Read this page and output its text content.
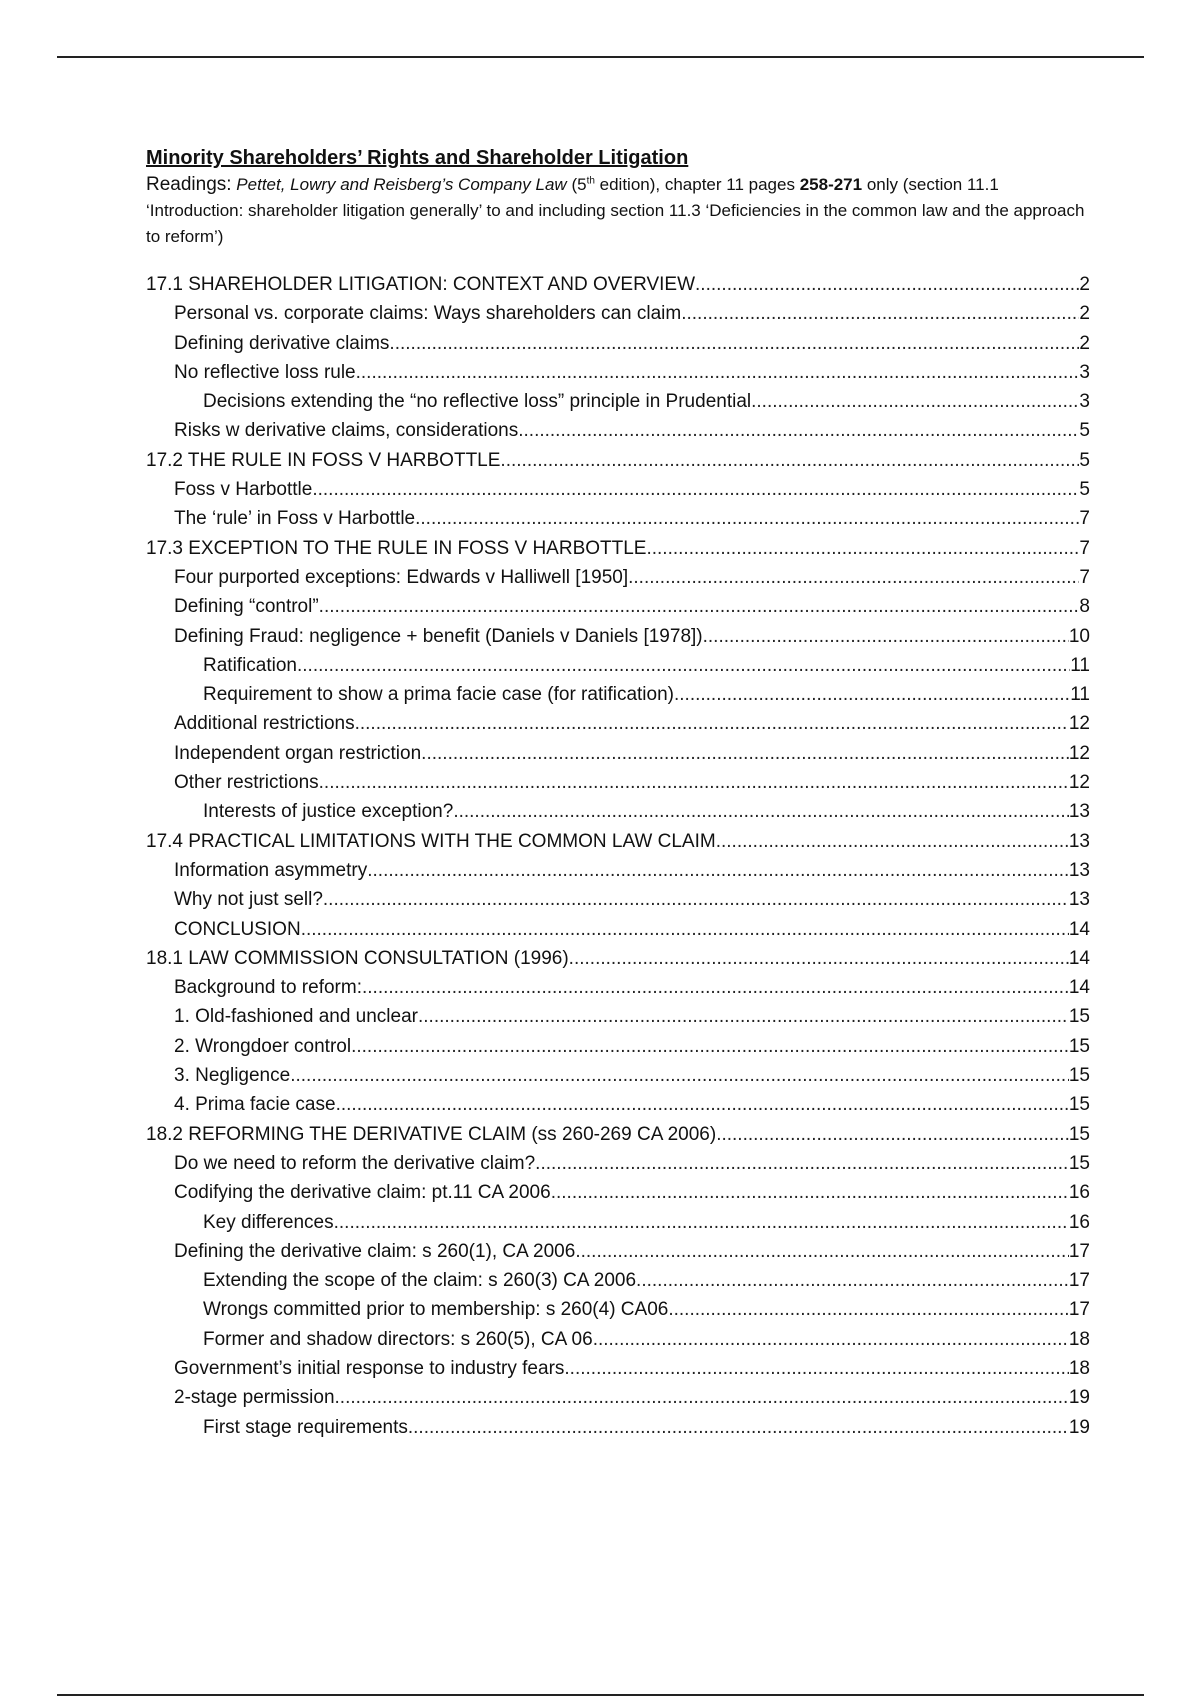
Minority Shareholders’ Rights and Shareholder Litigation

Readings: Pettet, Lowry and Reisberg’s Company Law (5th edition), chapter 11 pages 258-271 only (section 11.1 ‘Introduction: shareholder litigation generally’ to and including section 11.3 ‘Deficiencies in the common law and the approach to reform’)

17.1 SHAREHOLDER LITIGATION: CONTEXT AND OVERVIEW .....	2
Personal vs. corporate claims: Ways shareholders can claim .....	2
Defining derivative claims .....	2
No reflective loss rule .....	3
Decisions extending the “no reflective loss” principle in Prudential .....	3
Risks w derivative claims, considerations .....	5
17.2 THE RULE IN FOSS V HARBOTTLE .....	5
Foss v Harbottle .....	5
The ‘rule’ in Foss v Harbottle .....	7
17.3 EXCEPTION TO THE RULE IN FOSS V HARBOTTLE .....	7
Four purported exceptions: Edwards v Halliwell [1950] .....	7
Defining “control” .....	8
Defining Fraud: negligence + benefit (Daniels v Daniels [1978]) .....	10
Ratification .....	11
Requirement to show a prima facie case (for ratification) .....	11
Additional restrictions .....	12
Independent organ restriction .....	12
Other restrictions .....	12
Interests of justice exception? .....	13
17.4 PRACTICAL LIMITATIONS WITH THE COMMON LAW CLAIM .....	13
Information asymmetry .....	13
Why not just sell? .....	13
CONCLUSION .....	14
18.1 LAW COMMISSION CONSULTATION (1996) .....	14
Background to reform: .....	14
1. Old-fashioned and unclear .....	15
2. Wrongdoer control .....	15
3. Negligence .....	15
4. Prima facie case .....	15
18.2 REFORMING THE DERIVATIVE CLAIM (ss 260-269 CA 2006) .....	15
Do we need to reform the derivative claim? .....	15
Codifying the derivative claim: pt.11 CA 2006 .....	16
Key differences .....	16
Defining the derivative claim: s 260(1), CA 2006 .....	17
Extending the scope of the claim: s 260(3) CA 2006 .....	17
Wrongs committed prior to membership: s 260(4) CA06 .....	17
Former and shadow directors: s 260(5), CA 06 .....	18
Government’s initial response to industry fears .....	18
2-stage permission .....	19
First stage requirements .....	19
